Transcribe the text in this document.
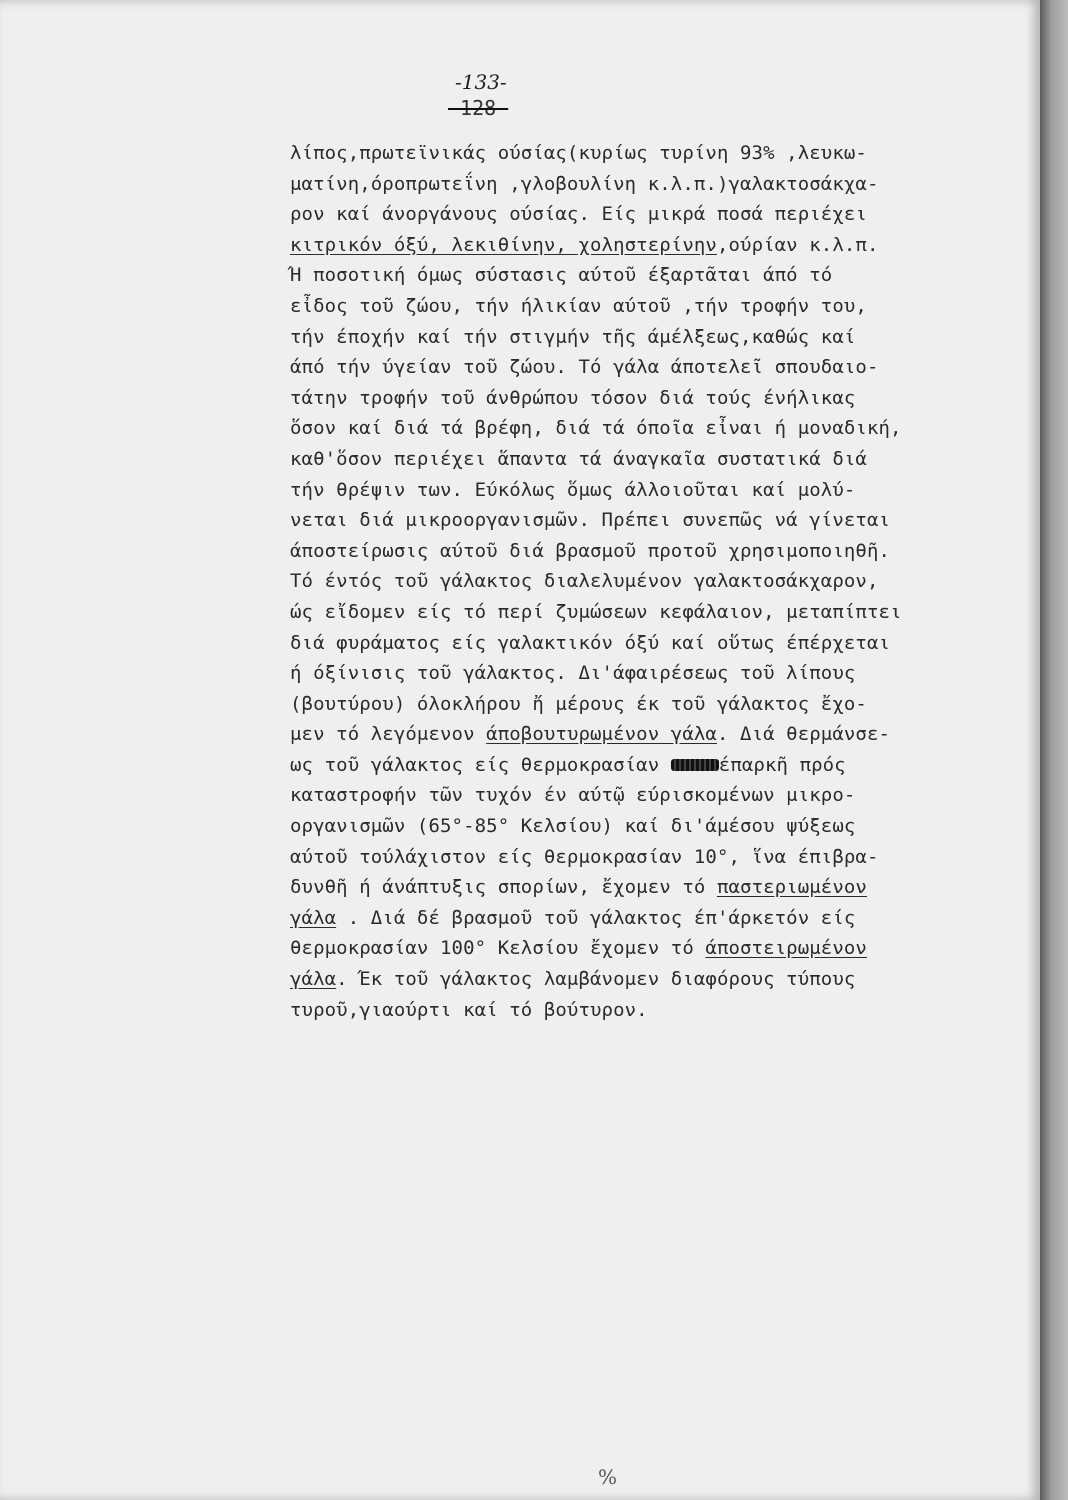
-133-
-128-
λίπος,πρωτεϊνικάς ούσίας(κυρίως τυρίνη 93% ,λευκω-
ματίνη,όροπρωτεΐνη ,γλοβουλίνη κ.λ.π.)γαλακτοσάκχα-
ρον καί άνοργάνους ούσίας. Είς μικρά ποσά περιέχει
κιτρικόν όξύ, λεκιθίνην, χοληστερίνην,ούρίαν κ.λ.π.
Ή ποσοτική όμως σύστασις αύτοῦ έξαρτᾶται άπό τό
εἶδος τοῦ ζώου, τήν ήλικίαν αύτοῦ ,τήν τροφήν του,
τήν έποχήν καί τήν στιγμήν τῆς άμέλξεως,καθώς καί
άπό τήν ύγείαν τοῦ ζώου. Τό γάλα άποτελεῖ σπουδαιο-
τάτην τροφήν τοῦ άνθρώπου τόσον διά τούς ένήλικας
ὅσον καί διά τά βρέφη, διά τά όποῖα εἶναι ή μοναδική,
καθ'ὅσον περιέχει ἅπαντα τά άναγκαῖα συστατικά διά
τήν θρέψιν των. Εύκόλως ὅμως άλλοιοῦται καί μολύ-
νεται διά μικροοργανισμῶν. Πρέπει συνεπῶς νά γίνεται
άποστείρωσις αύτοῦ διά βρασμοῦ προτοῦ χρησιμοποιηθῆ.
Τό έντός τοῦ γάλακτος διαλελυμένον γαλακτοσάκχαρον,
ώς εἴδομεν είς τό περί ζυμώσεων κεφάλαιον, μεταπίπτει
διά φυράματος είς γαλακτικόν όξύ καί οὕτως έπέρχεται
ή όξίνισις τοῦ γάλακτος. Δι'άφαιρέσεως τοῦ λίπους
(βουτύρου) όλοκλήρου ἤ μέρους έκ τοῦ γάλακτος ἔχο-
μεν τό λεγόμενον άποβουτυρωμένον γάλα. Διά θερμάνσε-
ως τοῦ γάλακτος είς θερμοκρασίαν	έπαρκῆ πρός
καταστροφήν τῶν τυχόν έν αύτῷ εύρισκομένων μικρο-
οργανισμῶν (65°-85° Κελσίου) καί δι'άμέσου ψύξεως
αύτοῦ τούλάχιστον είς θερμοκρασίαν 10°, ἵνα έπιβρα-
δυνθῆ ή άνάπτυξις σπορίων, ἔχομεν τό παστεριωμένον
γάλα . Διά δέ βρασμοῦ τοῦ γάλακτος έπ'άρκετόν είς
θερμοκρασίαν 100° Κελσίου ἔχομεν τό άποστειρωμένον
γάλα. Έκ τοῦ γάλακτος λαμβάνομεν διαφόρους τύπους
τυροῦ,γιαούρτι καί τό βούτυρον.
%
